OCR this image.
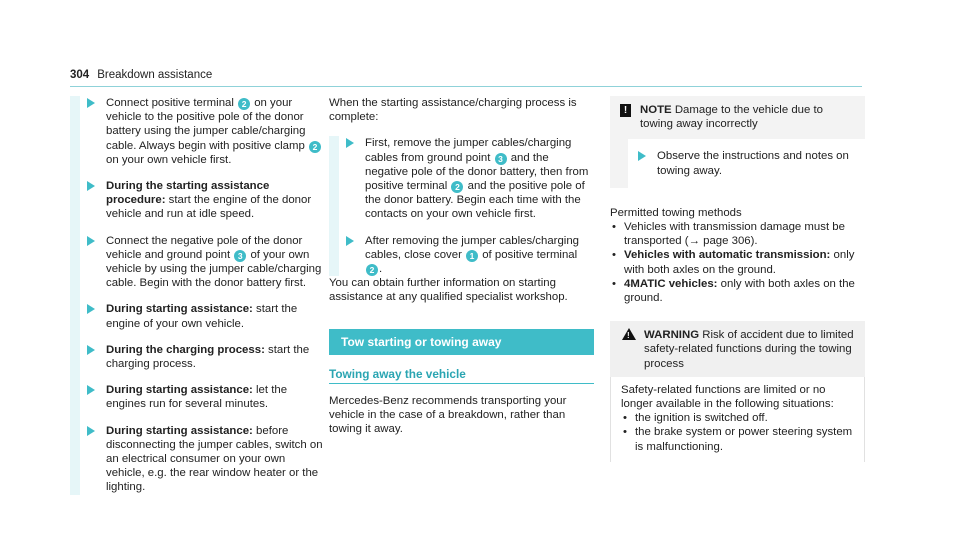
304 Breakdown assistance
Connect positive terminal 2 on your vehicle to the positive pole of the donor battery using the jumper cable/charging cable. Always begin with positive clamp 2 on your own vehicle first.
During the starting assistance procedure: start the engine of the donor vehicle and run at idle speed.
Connect the negative pole of the donor vehicle and ground point 3 of your own vehicle by using the jumper cable/charging cable. Begin with the donor battery first.
During starting assistance: start the engine of your own vehicle.
During the charging process: start the charging process.
During starting assistance: let the engines run for several minutes.
During starting assistance: before disconnecting the jumper cables, switch on an electrical consumer on your own vehicle, e.g. the rear window heater or the lighting.

When the starting assistance/charging process is complete:

First, remove the jumper cables/charging cables from ground point 3 and the negative pole of the donor battery, then from positive terminal 2 and the positive pole of the donor battery. Begin each time with the contacts on your own vehicle first.
After removing the jumper cables/charging cables, close cover 1 of positive terminal 2 .

You can obtain further information on starting assistance at any qualified specialist workshop.

Tow starting or towing away
Towing away the vehicle

Mercedes-Benz recommends transporting your vehicle in the case of a breakdown, rather than towing it away.

!	NOTE Damage to the vehicle due to towing away incorrectly
Observe the instructions and notes on towing away.

Permitted towing methods

• Vehicles with transmission damage must be transported (→ page 306).
• Vehicles with automatic transmission: only with both axles on the ground.
• 4MATIC vehicles: only with both axles on the ground.
! WARNING Risk of accident due to limited safety-related functions during the towing process

Safety-related functions are limited or no longer available in the following situations:

• the ignition is switched off.
• the brake system or power steering system is malfunctioning.
